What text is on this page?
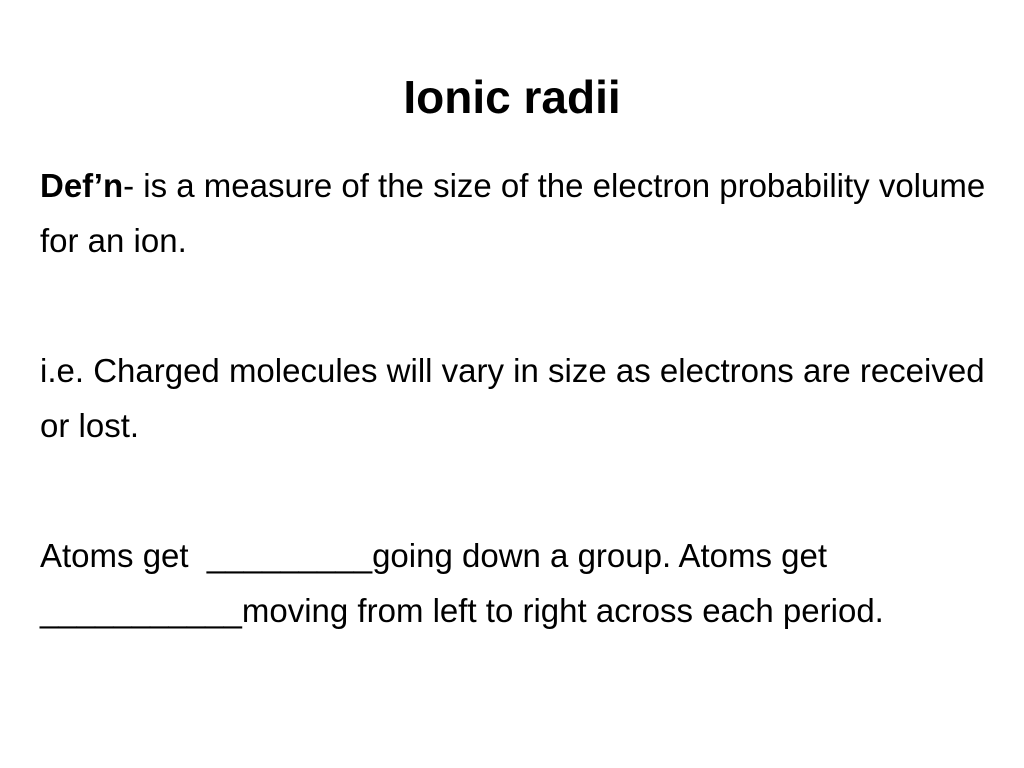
Ionic radii

Def’n- is a measure of the size of the electron probability volume for an ion.

i.e. Charged molecules will vary in size as electrons are received or lost.

Atoms get  _________going down a group. Atoms get ___________moving from left to right across each period.
